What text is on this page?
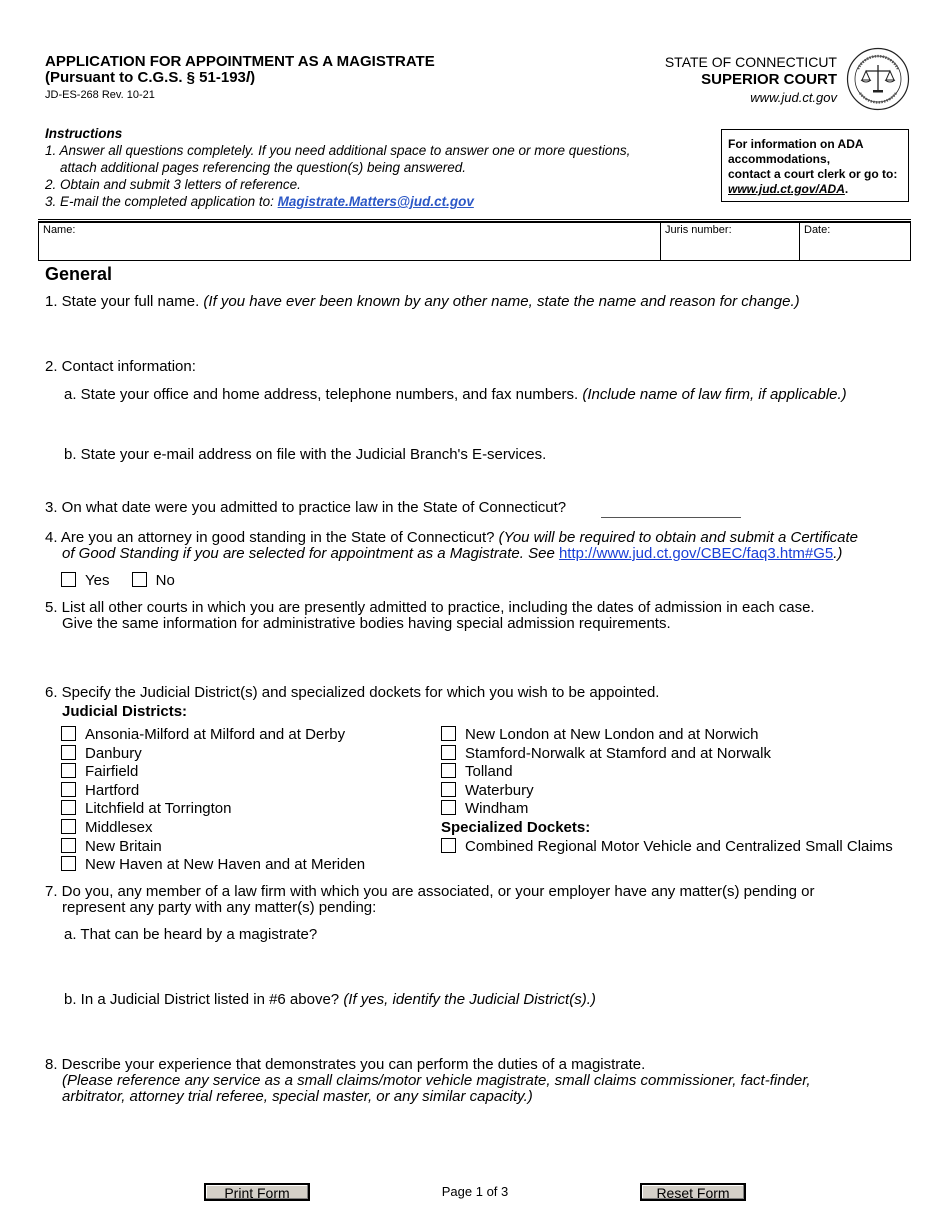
APPLICATION FOR APPOINTMENT AS A MAGISTRATE
(Pursuant to C.G.S. § 51-193l)
JD-ES-268 Rev. 10-21
STATE OF CONNECTICUT
SUPERIOR COURT
www.jud.ct.gov
Instructions
1. Answer all questions completely. If you need additional space to answer one or more questions,
attach additional pages referencing the question(s) being answered.
2. Obtain and submit 3 letters of reference.
3. E-mail the completed application to: Magistrate.Matters@jud.ct.gov
For information on ADA
accommodations,
contact a court clerk or go to:
www.jud.ct.gov/ADA.
Name:	Juris number:	Date:
General
1. State your full name. (If you have ever been known by any other name, state the name and reason for change.)
2. Contact information:
a. State your office and home address, telephone numbers, and fax numbers. (Include name of law firm, if applicable.)
b. State your e-mail address on file with the Judicial Branch's E-services.
3. On what date were you admitted to practice law in the State of Connecticut?
4. Are you an attorney in good standing in the State of Connecticut? (You will be required to obtain and submit a Certificate
of Good Standing if you are selected for appointment as a Magistrate. See http://www.jud.ct.gov/CBEC/faq3.htm#G5.)
Yes	No
5. List all other courts in which you are presently admitted to practice, including the dates of admission in each case.
Give the same information for administrative bodies having special admission requirements.
6. Specify the Judicial District(s) and specialized dockets for which you wish to be appointed.
Judicial Districts:
Ansonia-Milford at Milford and at Derby
Danbury
Fairfield
Hartford
Litchfield at Torrington
Middlesex
New Britain
New Haven at New Haven and at Meriden
New London at New London and at Norwich
Stamford-Norwalk at Stamford and at Norwalk
Tolland
Waterbury
Windham
Specialized Dockets:
Combined Regional Motor Vehicle and Centralized Small Claims
7. Do you, any member of a law firm with which you are associated, or your employer have any matter(s) pending or
represent any party with any matter(s) pending:
a. That can be heard by a magistrate?
b. In a Judicial District listed in #6 above? (If yes, identify the Judicial District(s).)
8. Describe your experience that demonstrates you can perform the duties of a magistrate.
(Please reference any service as a small claims/motor vehicle magistrate, small claims commissioner, fact-finder,
arbitrator, attorney trial referee, special master, or any similar capacity.)
Page 1 of 3
Print Form	Reset Form
